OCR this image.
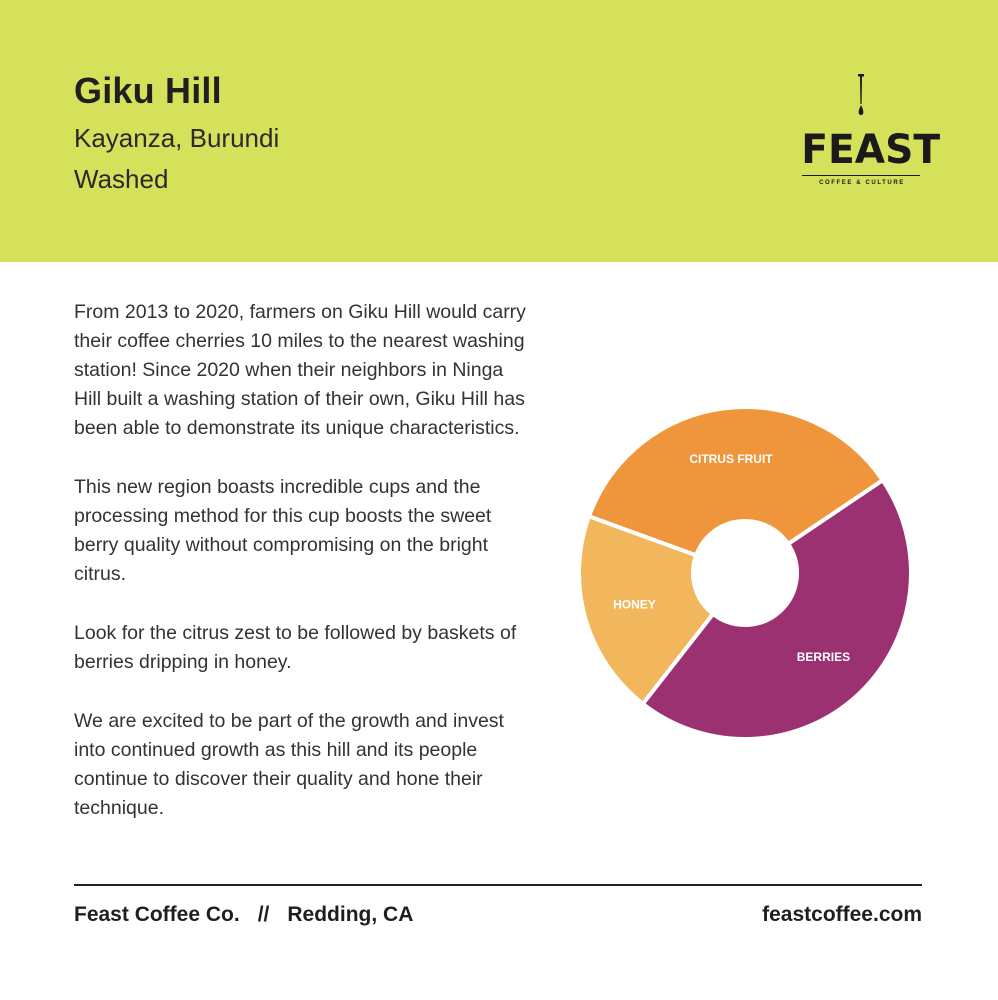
Giku Hill

Kayanza, Burundi

Washed

FEAST
COFFEE & CULTURE

From 2013 to 2020, farmers on Giku Hill would carry their coffee cherries 10 miles to the nearest washing station! Since 2020 when their neighbors in Ninga Hill built a washing station of their own, Giku Hill has been able to demonstrate its unique characteristics.

This new region boasts incredible cups and the processing method for this cup boosts the sweet berry quality without compromising on the bright citrus.

Look for the citrus zest to be followed by baskets of berries dripping in honey.

We are excited to be part of the growth and invest into continued growth as this hill and its people continue to discover their quality and hone their technique.

BERRIES
HONEY
CITRUS FRUIT
Feast Coffee Co. // Redding, CA	feastcoffee.com
